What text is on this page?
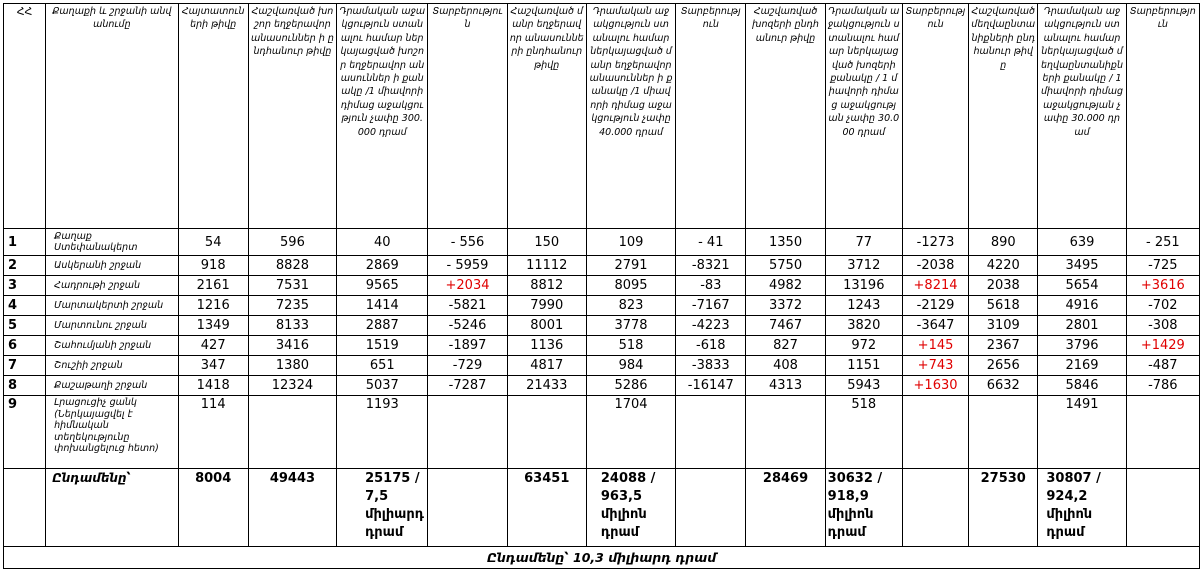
ՀՀ	Քաղաքի և շրջանի անվանումը	Հայտատուների թիվը	Հաշվառված խոշոր եղջերավոր անասուններ ի ընդհանուր թիվը	Դրամական աջակցություն ստանալու համար ներկայացված խոշոր եղջերավոր անասուններ ի քանակը /1 միավորի դիմաց աջակցություն չափը 300.000 դրամ	Տարբերություն	Հաշվառված մանր եղջերավոր անասունների ընդհանուր թիվը	Դրամական աջակցություն ստանալու համար ներկայացված մանր եղջերավոր անասուններ ի քանակը /1 միավորի դիմաց աջակցություն չափը 40.000 դրամ	Տարբերություն	Հաշվառված խոզերի ընդհանուր թիվը	Դրամական աջակցություն ստանալու համար ներկայացված խոզերի քանակը / 1 միավորի դիմաց աջակցության չափը 30.000 դրամ	Տարբերություն	Հաշվառված մեղվաընտանիքների ընդհանուր թիվը	Դրամական աջակցություն ստանալու համար ներկայացված մեղվաընտանիքների քանակը / 1 միավորի դիմաց աջակցության չափը 30.000 դրամ	Տարբերություն
1	Քաղաք Ստեփանակերտ	54	596	40	- 556	150	109	- 41	1350	77	-1273	890	639	- 251
2	Ասկերանի շրջան	918	8828	2869	- 5959	11112	2791	-8321	5750	3712	-2038	4220	3495	-725
3	Հադրութի շրջան	2161	7531	9565	+2034	8812	8095	-83	4982	13196	+8214	2038	5654	+3616
4	Մարտակերտի շրջան	1216	7235	1414	-5821	7990	823	-7167	3372	1243	-2129	5618	4916	-702
5	Մարտունու շրջան	1349	8133	2887	-5246	8001	3778	-4223	7467	3820	-3647	3109	2801	-308
6	Շահումյանի շրջան	427	3416	1519	-1897	1136	518	-618	827	972	+145	2367	3796	+1429
7	Շուշիի շրջան	347	1380	651	-729	4817	984	-3833	408	1151	+743	2656	2169	-487
8	Քաշաթաղի շրջան	1418	12324	5037	-7287	21433	5286	-16147	4313	5943	+1630	6632	5846	-786
9	Լրացուցիչ ցանկ (Ներկայացվել է հիմնական տեղեկությունը փոխանցելուց հետո)	114		1193			1704			518			1491	
	Ընդամենը՝	8004	49443	25175 /
7,5
միլիարդ
դրամ		63451	24088 /
963,5
միլիոն
դրամ		28469	30632 /
918,9
միլիոն
դրամ		27530	30807 /
924,2
միլիոն
դրամ	
Ընդամենը՝ 10,3 միլիարդ դրամ														
